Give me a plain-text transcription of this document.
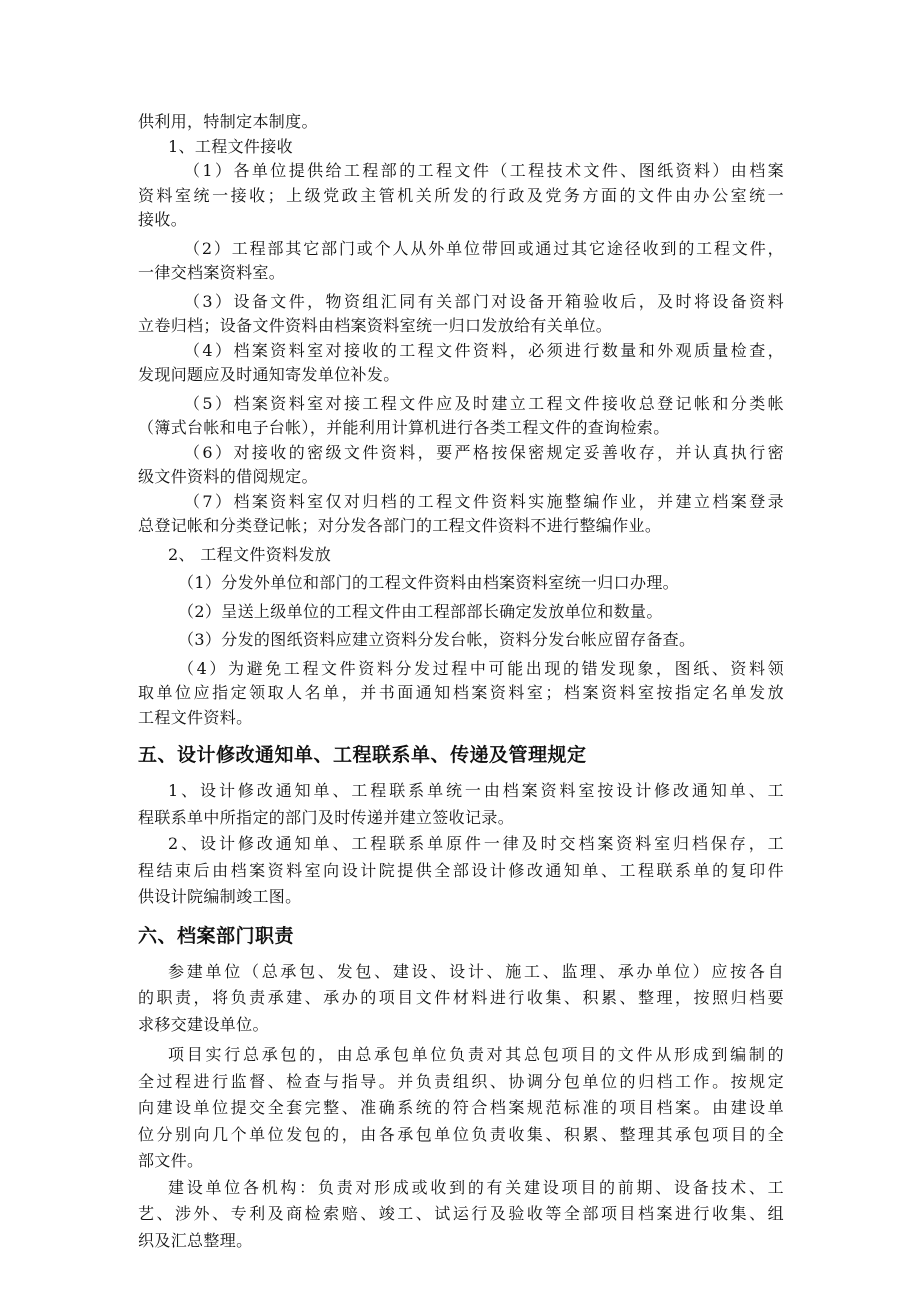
供利用，特制定本制度。

1、工程文件接收

（1）各单位提供给工程部的工程文件（工程技术文件、图纸资料）由档案
资料室统一接收；上级党政主管机关所发的行政及党务方面的文件由办公室统一
接收。

（2）工程部其它部门或个人从外单位带回或通过其它途径收到的工程文件，
一律交档案资料室。

（3）设备文件，物资组汇同有关部门对设备开箱验收后，及时将设备资料
立卷归档；设备文件资料由档案资料室统一归口发放给有关单位。

（4）档案资料室对接收的工程文件资料，必须进行数量和外观质量检查，
发现问题应及时通知寄发单位补发。

（5）档案资料室对接工程文件应及时建立工程文件接收总登记帐和分类帐
（簿式台帐和电子台帐），并能利用计算机进行各类工程文件的查询检索。

（6）对接收的密级文件资料，要严格按保密规定妥善收存，并认真执行密
级文件资料的借阅规定。

（7）档案资料室仅对归档的工程文件资料实施整编作业，并建立档案登录
总登记帐和分类登记帐；对分发各部门的工程文件资料不进行整编作业。

2、 工程文件资料发放

（1）分发外单位和部门的工程文件资料由档案资料室统一归口办理。

（2）呈送上级单位的工程文件由工程部部长确定发放单位和数量。

（3）分发的图纸资料应建立资料分发台帐，资料分发台帐应留存备查。

（4）为避免工程文件资料分发过程中可能出现的错发现象，图纸、资料领
取单位应指定领取人名单，并书面通知档案资料室；档案资料室按指定名单发放
工程文件资料。

五、设计修改通知单、工程联系单、传递及管理规定

1、设计修改通知单、工程联系单统一由档案资料室按设计修改通知单、工
程联系单中所指定的部门及时传递并建立签收记录。

2、设计修改通知单、工程联系单原件一律及时交档案资料室归档保存，工
程结束后由档案资料室向设计院提供全部设计修改通知单、工程联系单的复印件
供设计院编制竣工图。

六、档案部门职责

参建单位（总承包、发包、建设、设计、施工、监理、承办单位）应按各自
的职责，将负责承建、承办的项目文件材料进行收集、积累、整理，按照归档要
求移交建设单位。

项目实行总承包的，由总承包单位负责对其总包项目的文件从形成到编制的
全过程进行监督、检查与指导。并负责组织、协调分包单位的归档工作。按规定
向建设单位提交全套完整、准确系统的符合档案规范标准的项目档案。由建设单
位分别向几个单位发包的，由各承包单位负责收集、积累、整理其承包项目的全
部文件。

建设单位各机构：负责对形成或收到的有关建设项目的前期、设备技术、工
艺、涉外、专利及商检索赔、竣工、试运行及验收等全部项目档案进行收集、组
织及汇总整理。
